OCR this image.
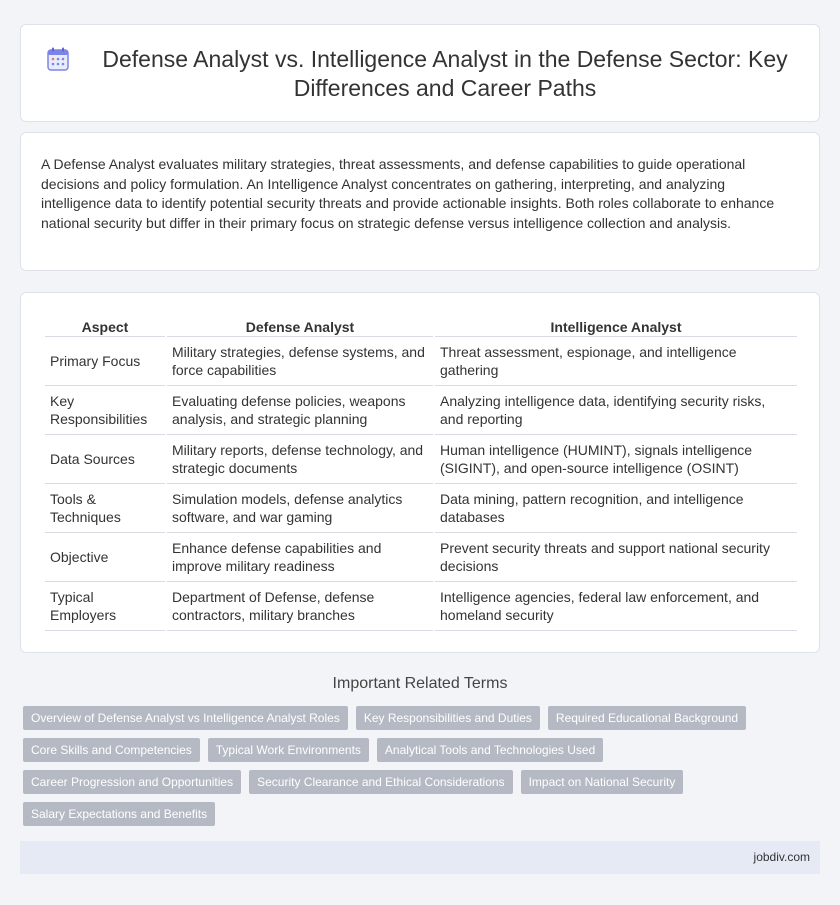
Defense Analyst vs. Intelligence Analyst in the Defense Sector: Key Differences and Career Paths

A Defense Analyst evaluates military strategies, threat assessments, and defense capabilities to guide operational decisions and policy formulation. An Intelligence Analyst concentrates on gathering, interpreting, and analyzing intelligence data to identify potential security threats and provide actionable insights. Both roles collaborate to enhance national security but differ in their primary focus on strategic defense versus intelligence collection and analysis.

Aspect	Defense Analyst	Intelligence Analyst
Primary Focus	Military strategies, defense systems, and force capabilities	Threat assessment, espionage, and intelligence gathering
Key Responsibilities	Evaluating defense policies, weapons analysis, and strategic planning	Analyzing intelligence data, identifying security risks, and reporting
Data Sources	Military reports, defense technology, and strategic documents	Human intelligence (HUMINT), signals intelligence (SIGINT), and open-source intelligence (OSINT)
Tools & Techniques	Simulation models, defense analytics software, and war gaming	Data mining, pattern recognition, and intelligence databases
Objective	Enhance defense capabilities and improve military readiness	Prevent security threats and support national security decisions
Typical Employers	Department of Defense, defense contractors, military branches	Intelligence agencies, federal law enforcement, and homeland security
Important Related Terms
Overview of Defense Analyst vs Intelligence Analyst Roles	Key Responsibilities and Duties	Required Educational Background
Core Skills and Competencies	Typical Work Environments	Analytical Tools and Technologies Used
Career Progression and Opportunities	Security Clearance and Ethical Considerations	Impact on National Security
Salary Expectations and Benefits
jobdiv.com
